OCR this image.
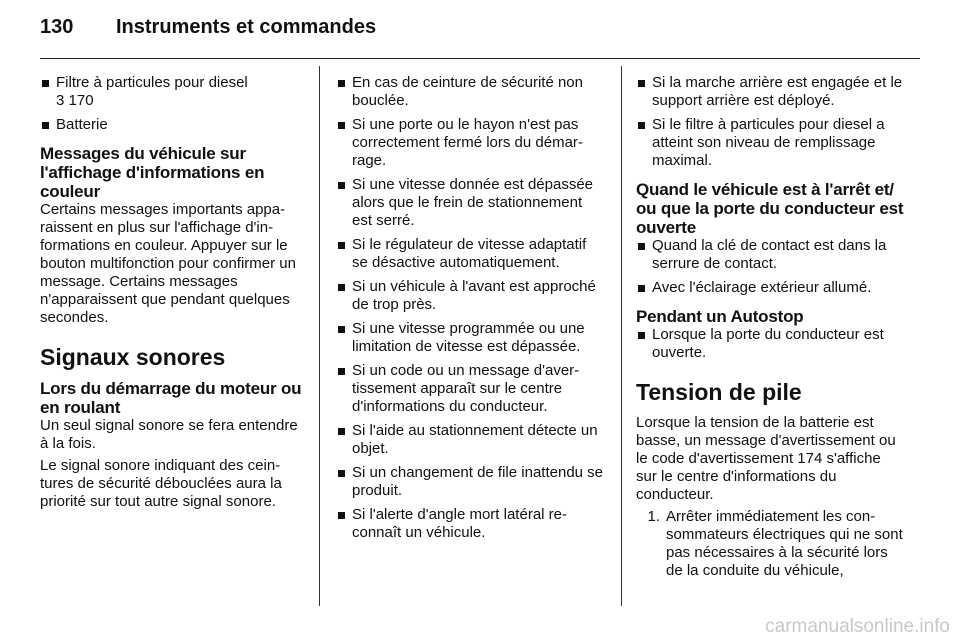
130	Instruments et commandes
Filtre à particules pour diesel
3 170
Batterie
Messages du véhicule sur l'affichage d'informations en couleur
Certains messages importants apparaissent en plus sur l'affichage d'informations en couleur. Appuyer sur le bouton multifonction pour confirmer un message. Certains messages n'apparaissent que pendant quelques secondes.
Signaux sonores
Lors du démarrage du moteur ou en roulant
Un seul signal sonore se fera entendre à la fois.
Le signal sonore indiquant des ceintures de sécurité débouclées aura la priorité sur tout autre signal sonore.
En cas de ceinture de sécurité non bouclée.
Si une porte ou le hayon n'est pas correctement fermé lors du démarrage.
Si une vitesse donnée est dépassée alors que le frein de stationnement est serré.
Si le régulateur de vitesse adaptatif se désactive automatiquement.
Si un véhicule à l'avant est approché de trop près.
Si une vitesse programmée ou une limitation de vitesse est dépassée.
Si un code ou un message d'avertissement apparaît sur le centre d'informations du conducteur.
Si l'aide au stationnement détecte un objet.
Si un changement de file inattendu se produit.
Si l'alerte d'angle mort latéral reconnaît un véhicule.
Si la marche arrière est engagée et le support arrière est déployé.
Si le filtre à particules pour diesel a atteint son niveau de remplissage maximal.
Quand le véhicule est à l'arrêt et/ ou que la porte du conducteur est ouverte
Quand la clé de contact est dans la serrure de contact.
Avec l'éclairage extérieur allumé.
Pendant un Autostop
Lorsque la porte du conducteur est ouverte.
Tension de pile
Lorsque la tension de la batterie est basse, un message d'avertissement ou le code d'avertissement 174 s'affiche sur le centre d'informations du conducteur.
1. Arrêter immédiatement les consommateurs électriques qui ne sont pas nécessaires à la sécurité lors de la conduite du véhicule,
carmanualsonline.info
